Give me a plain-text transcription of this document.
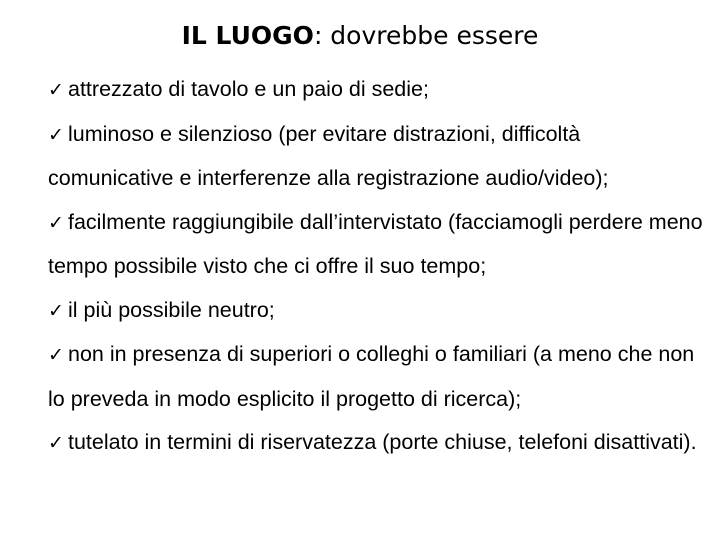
IL LUOGO: dovrebbe essere

✓ attrezzato di tavolo e un paio di sedie;

✓ luminoso e silenzioso (per evitare distrazioni, difficoltà comunicative e interferenze alla registrazione audio/video);

✓ facilmente raggiungibile dall’intervistato (facciamogli perdere meno tempo possibile visto che ci offre il suo tempo;

✓ il più possibile neutro;

✓ non in presenza di superiori o colleghi o familiari (a meno che non lo preveda in modo esplicito il progetto di ricerca);

✓ tutelato in termini di riservatezza (porte chiuse, telefoni disattivati).
